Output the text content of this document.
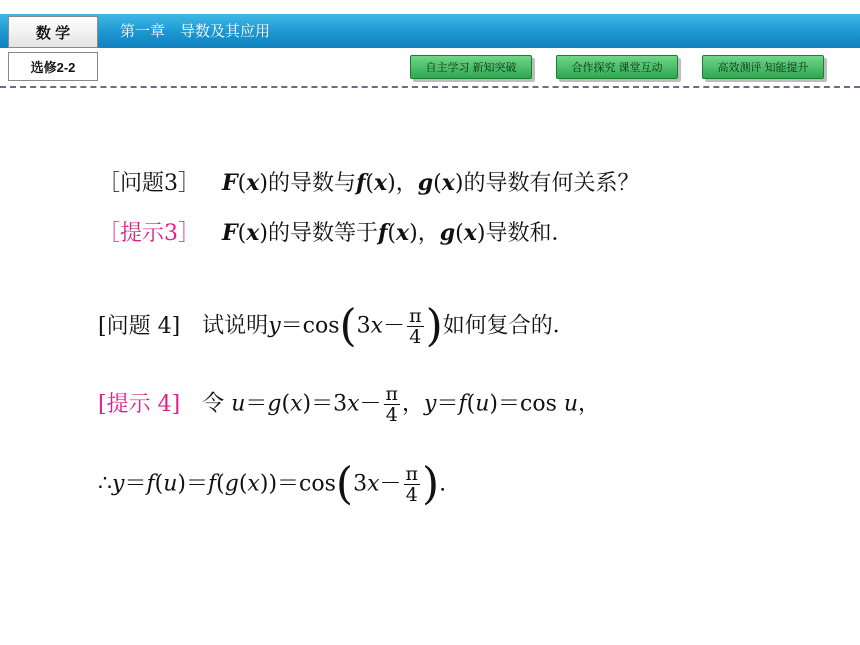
数 学	第一章　导数及其应用
选修2-2	自主学习 新知突破	合作探究 课堂互动	高效测评 知能提升
［问题3］ F(x)的导数与f(x)，g(x)的导数有何关系？
［提示3］ F(x)的导数等于f(x)，g(x)导数和．
[问题 4] 试说明$y=\cos(3x- \frac{\pi}{4}$ )如何复合的．
[提示 4] 令 $u=g(x)=3x- \frac{\pi}{4}$ ，y＝f(u)＝cos u，
∴y＝f(u)＝f(g(x))＝cos(3x－ $\frac{\pi}{4}$ ).
